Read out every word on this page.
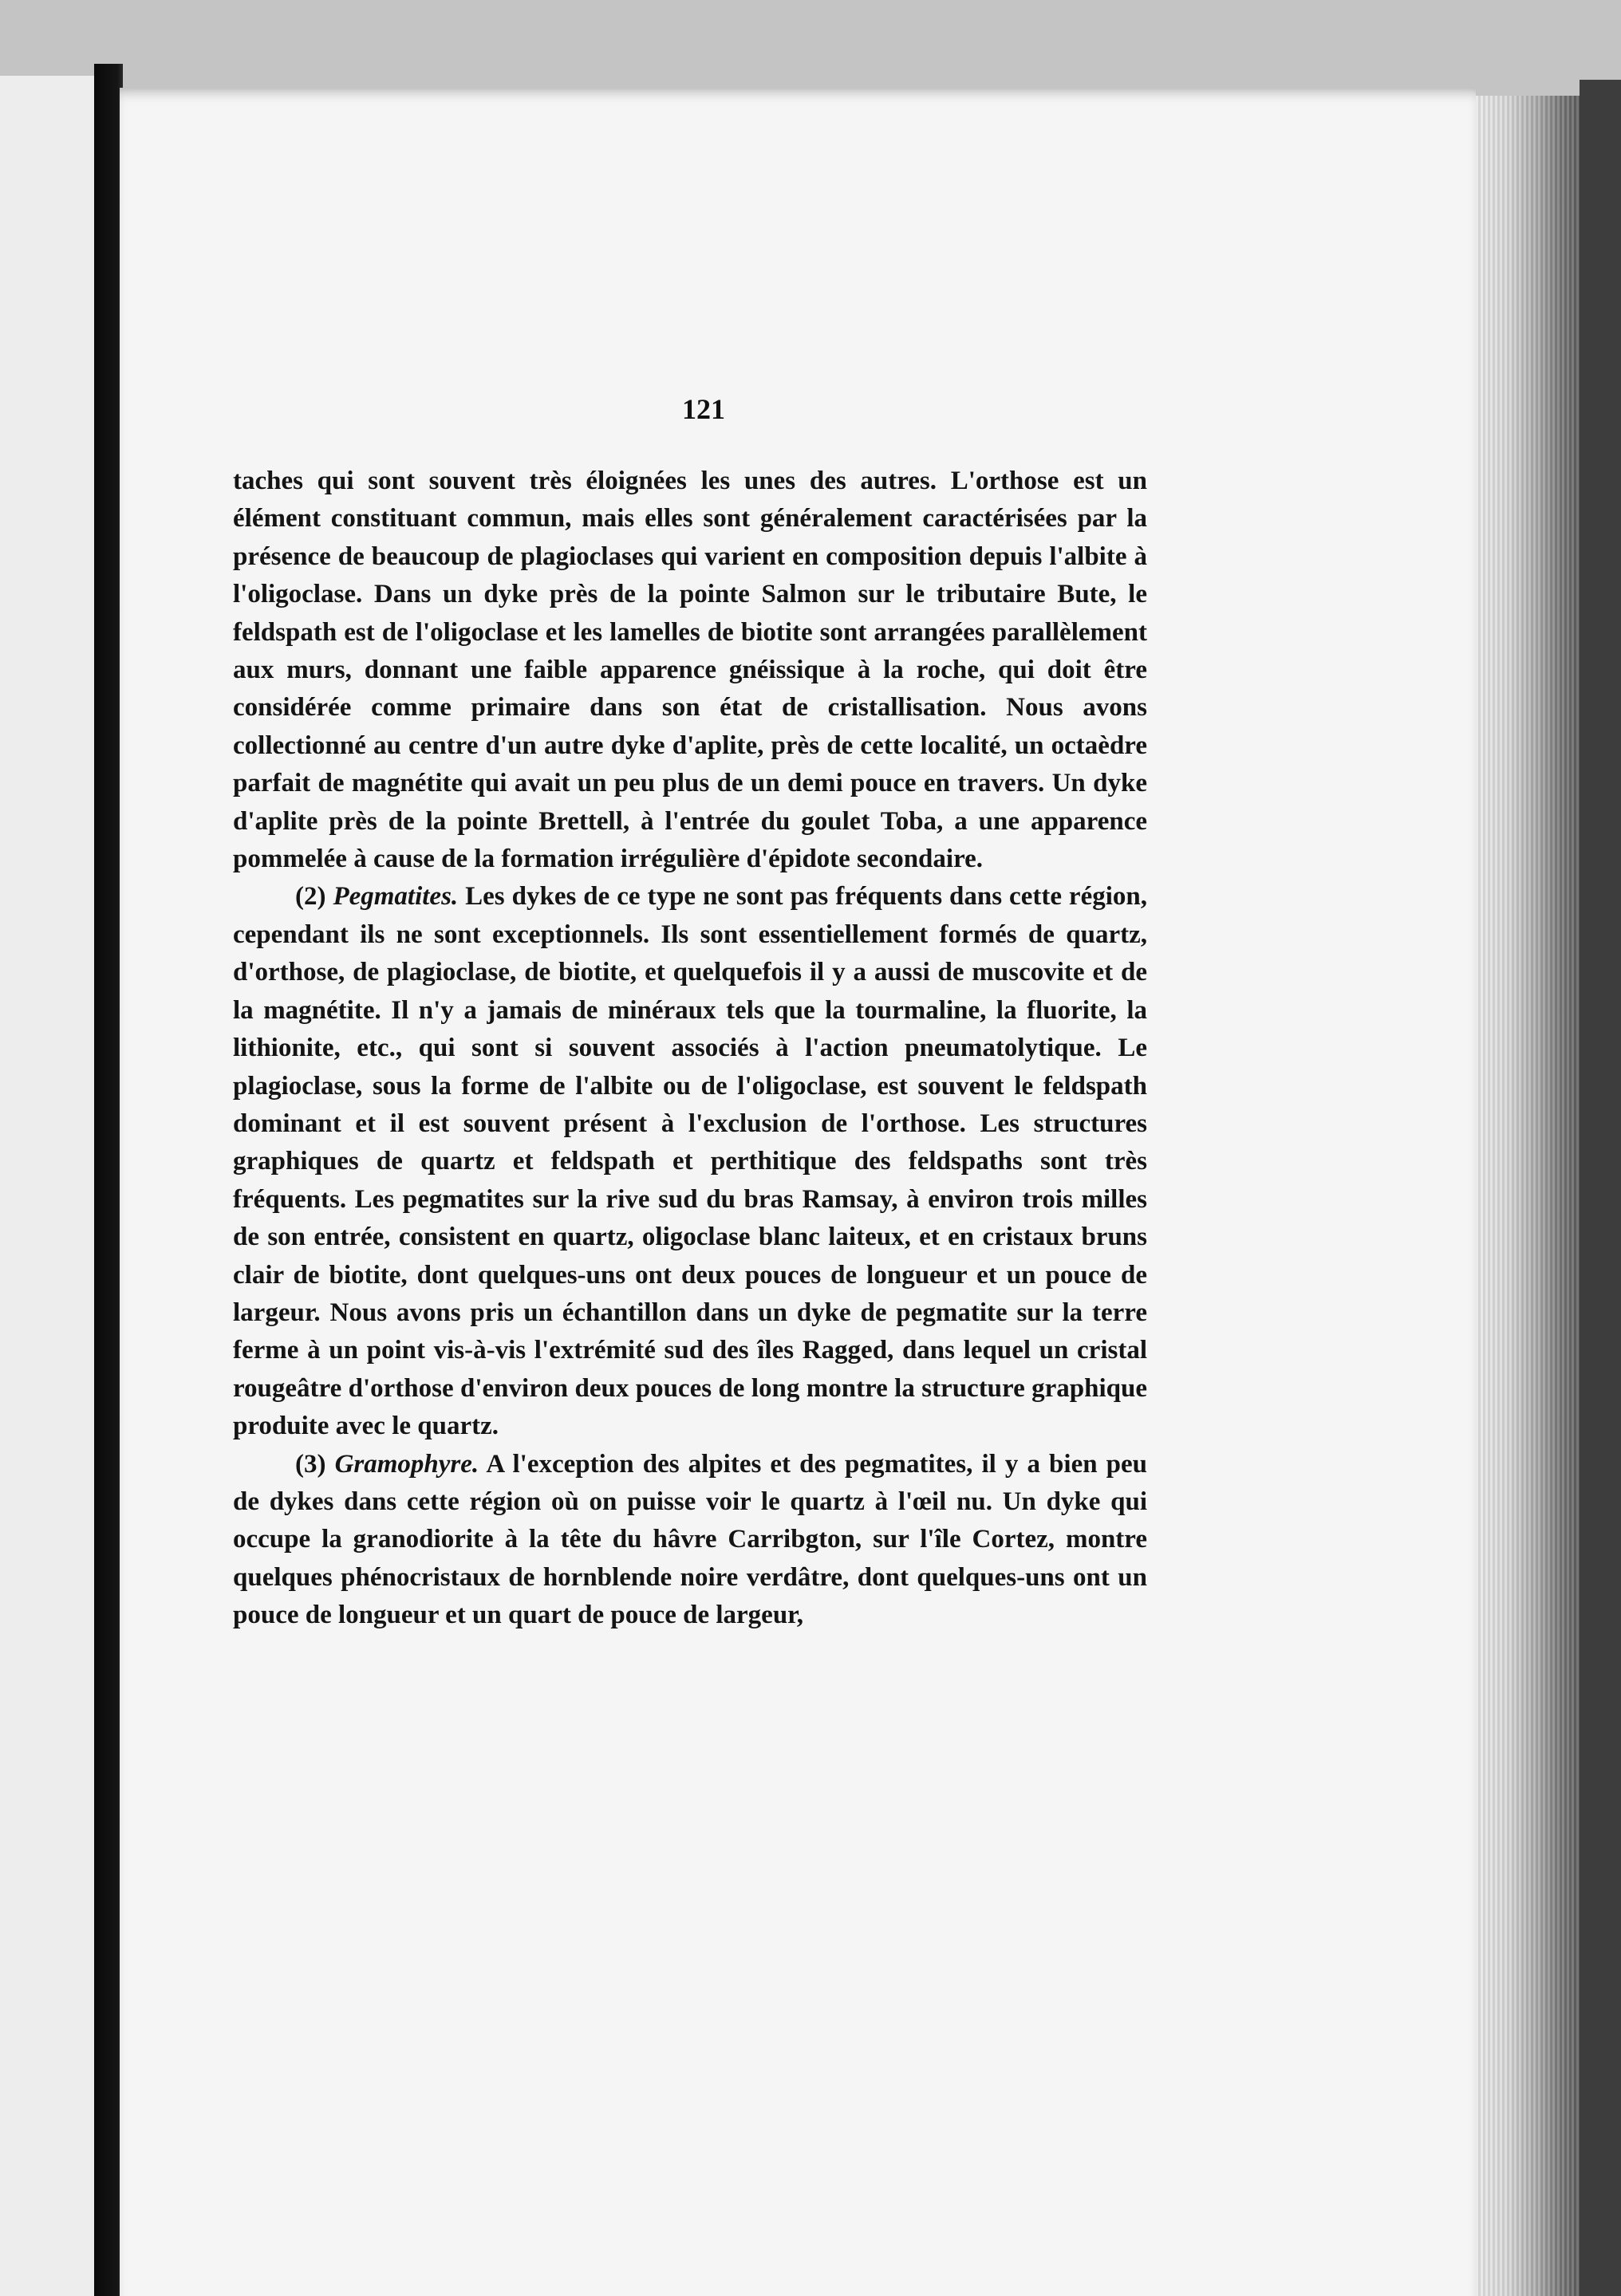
121

taches qui sont souvent très éloignées les unes des autres. L'orthose est un élément constituant commun, mais elles sont généralement caractérisées par la présence de beaucoup de plagioclases qui varient en composition depuis l'albite à l'oligoclase. Dans un dyke près de la pointe Salmon sur le tributaire Bute, le feldspath est de l'oligoclase et les lamelles de biotite sont arrangées parallèlement aux murs, donnant une faible apparence gnéissique à la roche, qui doit être considérée comme primaire dans son état de cristallisation. Nous avons collectionné au centre d'un autre dyke d'aplite, près de cette localité, un octaèdre parfait de magnétite qui avait un peu plus de un demi pouce en travers. Un dyke d'aplite près de la pointe Brettell, à l'entrée du goulet Toba, a une apparence pommelée à cause de la formation irrégulière d'épidote secondaire.

(2) Pegmatites. Les dykes de ce type ne sont pas fréquents dans cette région, cependant ils ne sont exceptionnels. Ils sont essentiellement formés de quartz, d'orthose, de plagioclase, de biotite, et quelquefois il y a aussi de muscovite et de la magnétite. Il n'y a jamais de minéraux tels que la tourmaline, la fluorite, la lithionite, etc., qui sont si souvent associés à l'action pneumatolytique. Le plagioclase, sous la forme de l'albite ou de l'oligoclase, est souvent le feldspath dominant et il est souvent présent à l'exclusion de l'orthose. Les structures graphiques de quartz et feldspath et perthitique des feldspaths sont très fréquents. Les pegmatites sur la rive sud du bras Ramsay, à environ trois milles de son entrée, consistent en quartz, oligoclase blanc laiteux, et en cristaux bruns clair de biotite, dont quelques-uns ont deux pouces de longueur et un pouce de largeur. Nous avons pris un échantillon dans un dyke de pegmatite sur la terre ferme à un point vis-à-vis l'extrémité sud des îles Ragged, dans lequel un cristal rougeâtre d'orthose d'environ deux pouces de long montre la structure graphique produite avec le quartz.

(3) Gramophyre. A l'exception des alpites et des pegmatites, il y a bien peu de dykes dans cette région où on puisse voir le quartz à l'œil nu. Un dyke qui occupe la granodiorite à la tête du hâvre Carribgton, sur l'île Cortez, montre quelques phénocristaux de hornblende noire verdâtre, dont quelques-uns ont un pouce de longueur et un quart de pouce de largeur,
